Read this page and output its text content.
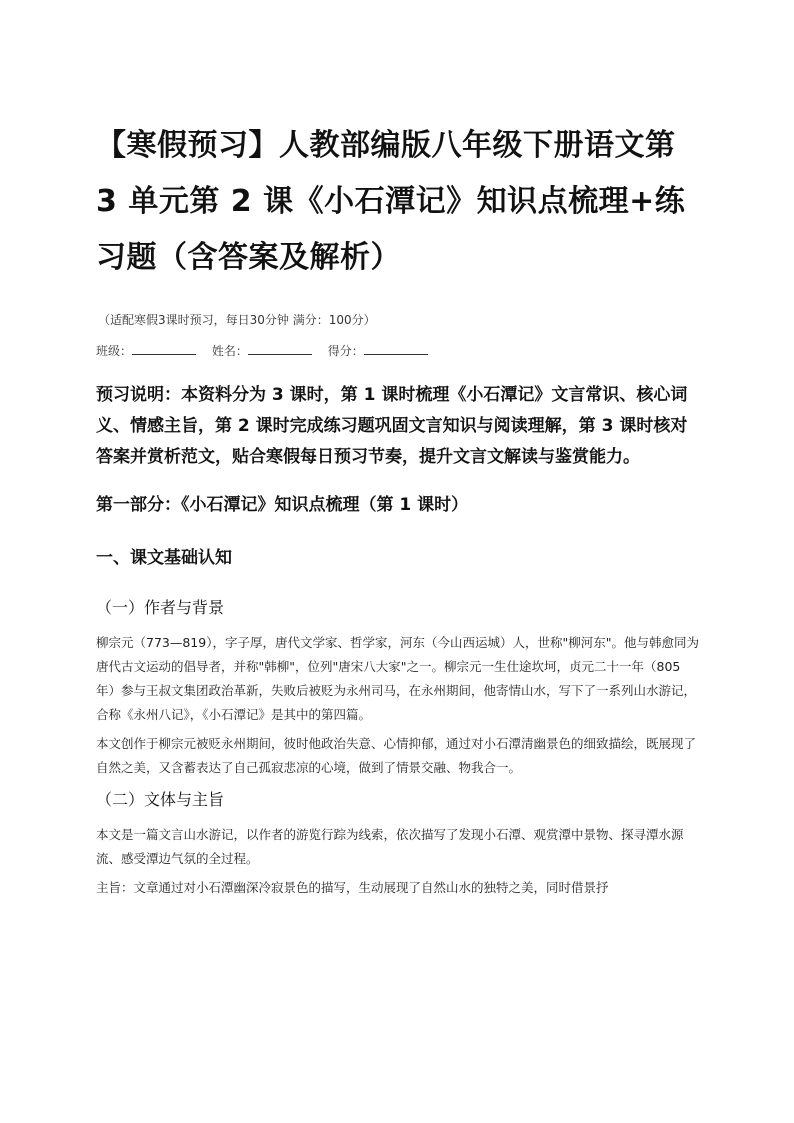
【寒假预习】人教部编版八年级下册语文第 3 单元第 2 课《小石潭记》知识点梳理+练习题（含答案及解析）
（适配寒假3课时预习，每日30分钟 满分：100分）
班级：	姓名：	得分：
预习说明：本资料分为 3 课时，第 1 课时梳理《小石潭记》文言常识、核心词义、情感主旨，第 2 课时完成练习题巩固文言知识与阅读理解，第 3 课时核对答案并赏析范文，贴合寒假每日预习节奏，提升文言文解读与鉴赏能力。
第一部分：《小石潭记》知识点梳理（第 1 课时）
一、课文基础认知
（一）作者与背景

柳宗元（773—819），字子厚，唐代文学家、哲学家，河东（今山西运城）人，世称"柳河东"。他与韩愈同为唐代古文运动的倡导者，并称"韩柳"，位列"唐宋八大家"之一。柳宗元一生仕途坎坷，贞元二十一年（805 年）参与王叔文集团政治革新，失败后被贬为永州司马，在永州期间，他寄情山水，写下了一系列山水游记，合称《永州八记》，《小石潭记》是其中的第四篇。

本文创作于柳宗元被贬永州期间，彼时他政治失意、心情抑郁，通过对小石潭清幽景色的细致描绘，既展现了自然之美，又含蓄表达了自己孤寂悲凉的心境，做到了情景交融、物我合一。

（二）文体与主旨

本文是一篇文言山水游记，以作者的游览行踪为线索，依次描写了发现小石潭、观赏潭中景物、探寻潭水源流、感受潭边气氛的全过程。

主旨：文章通过对小石潭幽深冷寂景色的描写，生动展现了自然山水的独特之美，同时借景抒
